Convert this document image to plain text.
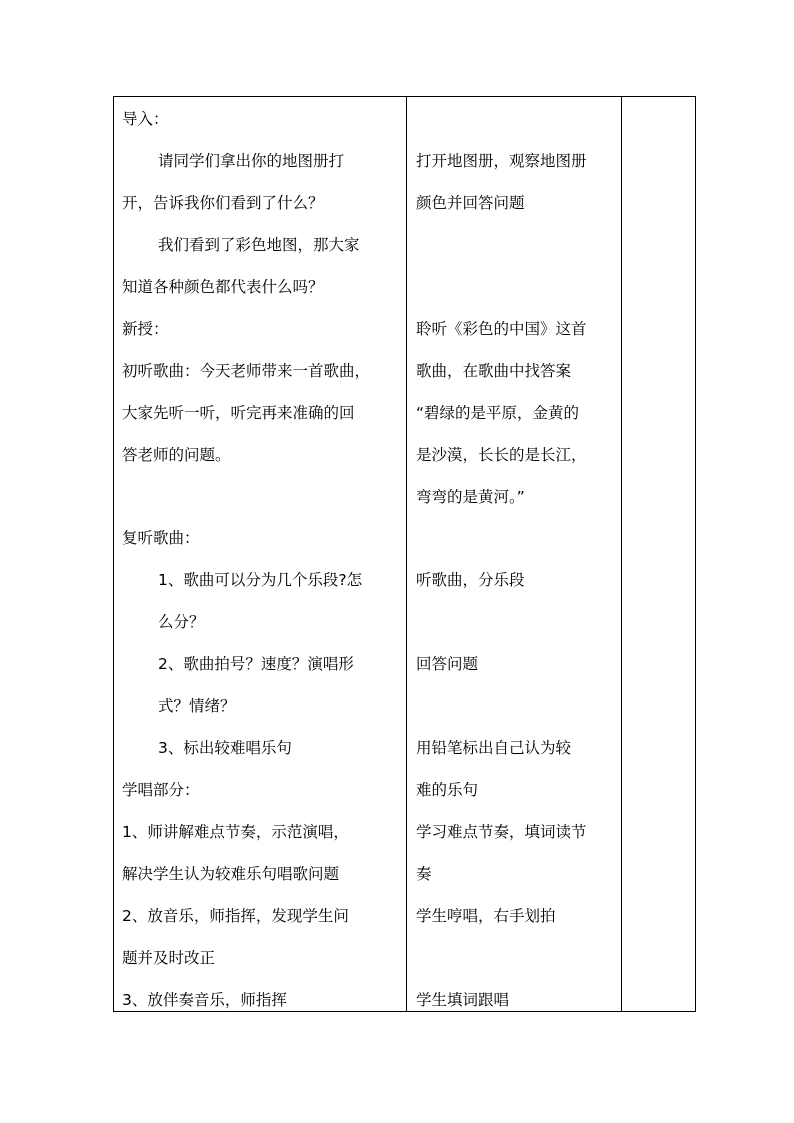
导入：
请同学们拿出你的地图册打
开，告诉我你们看到了什么？
我们看到了彩色地图，那大家
知道各种颜色都代表什么吗？
新授：
初听歌曲：今天老师带来一首歌曲，
大家先听一听，听完再来准确的回
答老师的问题。
复听歌曲：
1、歌曲可以分为几个乐段?怎
么分？
2、歌曲拍号？速度？演唱形
式？情绪？
3、标出较难唱乐句
学唱部分：
1、师讲解难点节奏，示范演唱，
解决学生认为较难乐句唱歌问题
2、放音乐，师指挥，发现学生问
题并及时改正
3、放伴奏音乐，师指挥
打开地图册，观察地图册
颜色并回答问题
聆听《彩色的中国》这首
歌曲，在歌曲中找答案
“碧绿的是平原，金黄的
是沙漠，长长的是长江，
弯弯的是黄河。”
听歌曲，分乐段
回答问题
用铅笔标出自己认为较
难的乐句
学习难点节奏，填词读节
奏
学生哼唱，右手划拍
学生填词跟唱
